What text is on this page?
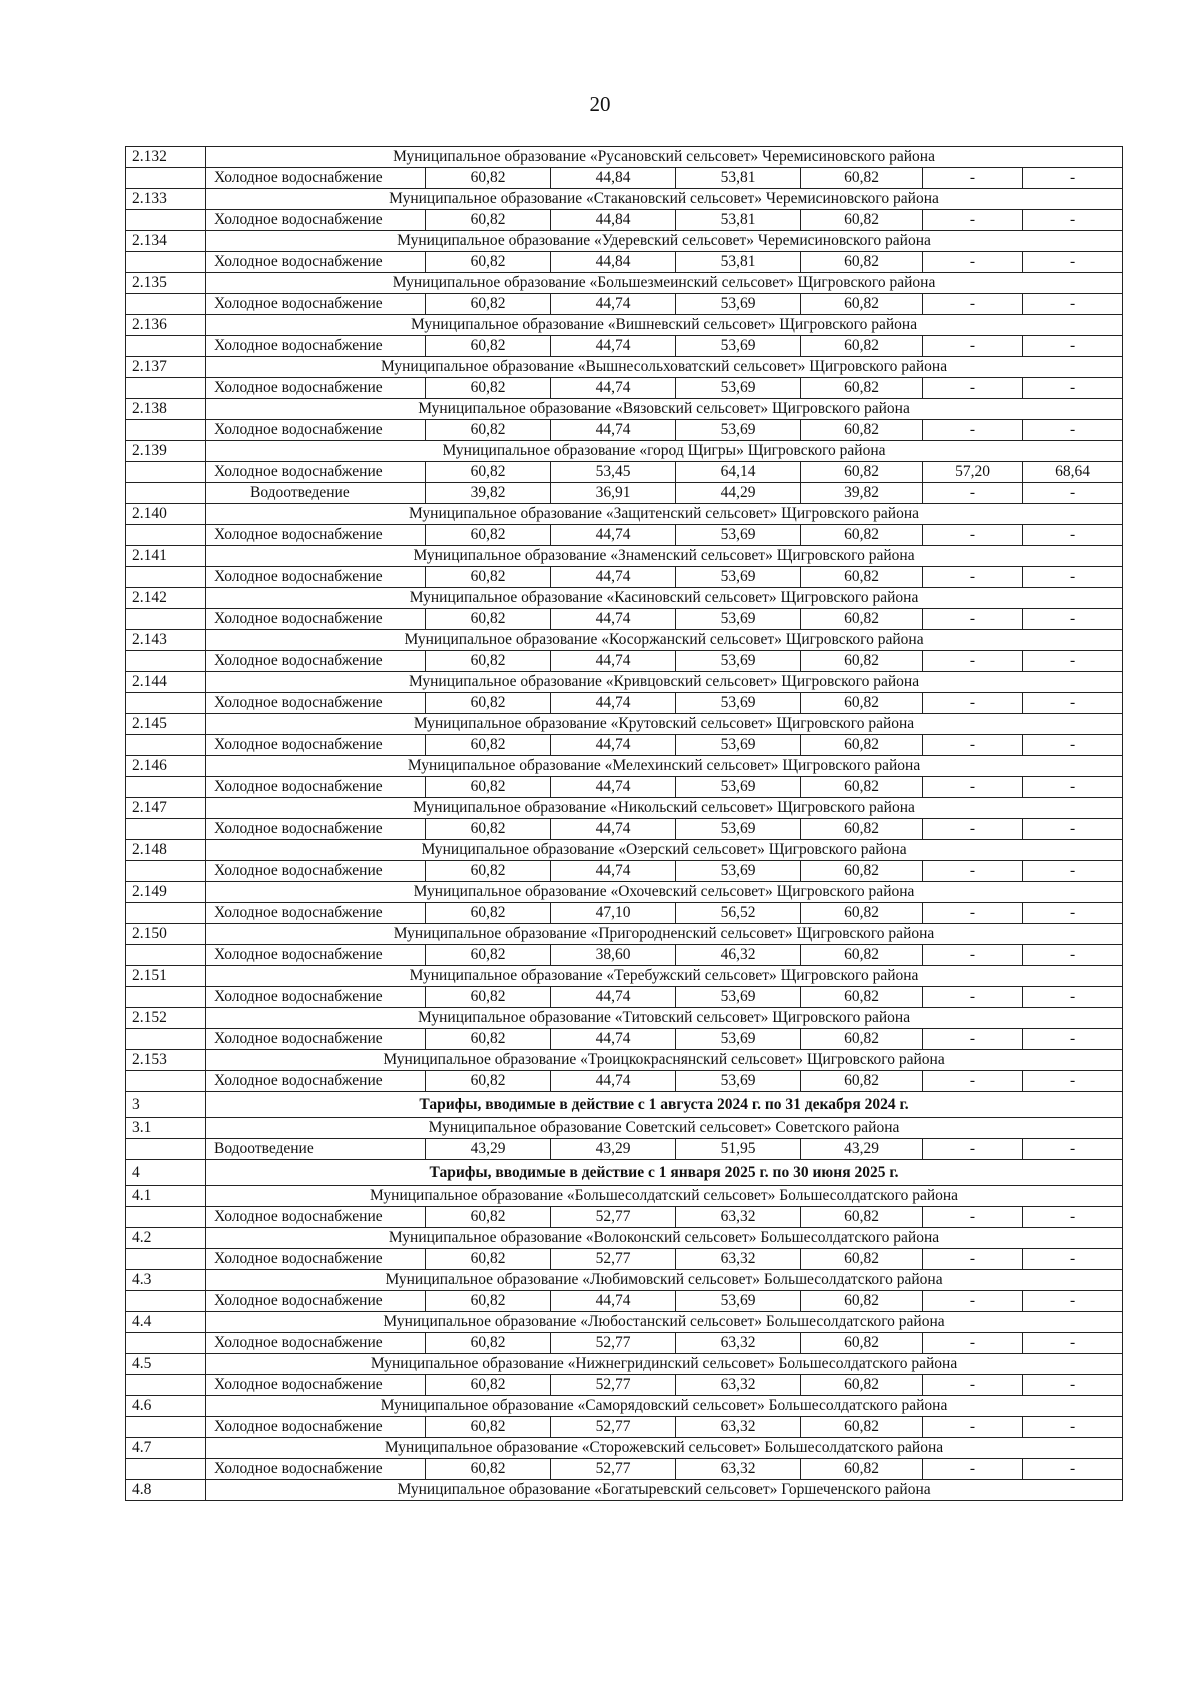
20
2.132	Муниципальное образование «Русановский сельсовет» Черемисиновского района						
	Холодное водоснабжение	60,82	44,84	53,81	60,82	-	-
2.133	Муниципальное образование «Стакановский сельсовет» Черемисиновского района						
	Холодное водоснабжение	60,82	44,84	53,81	60,82	-	-
2.134	Муниципальное образование «Удеревский сельсовет» Черемисиновского района						
	Холодное водоснабжение	60,82	44,84	53,81	60,82	-	-
2.135	Муниципальное образование «Большезмеинский сельсовет» Щигровского района						
	Холодное водоснабжение	60,82	44,74	53,69	60,82	-	-
2.136	Муниципальное образование «Вишневский сельсовет» Щигровского района						
	Холодное водоснабжение	60,82	44,74	53,69	60,82	-	-
2.137	Муниципальное образование «Вышнесольховатский сельсовет» Щигровского района						
	Холодное водоснабжение	60,82	44,74	53,69	60,82	-	-
2.138	Муниципальное образование «Вязовский сельсовет» Щигровского района						
	Холодное водоснабжение	60,82	44,74	53,69	60,82	-	-
2.139	Муниципальное образование «город Щигры» Щигровского района						
	Холодное водоснабжение	60,82	53,45	64,14	60,82	57,20	68,64
	Водоотведение	39,82	36,91	44,29	39,82	-	-
2.140	Муниципальное образование «Защитенский сельсовет» Щигровского района						
	Холодное водоснабжение	60,82	44,74	53,69	60,82	-	-
2.141	Муниципальное образование «Знаменский сельсовет» Щигровского района						
	Холодное водоснабжение	60,82	44,74	53,69	60,82	-	-
2.142	Муниципальное образование «Касиновский сельсовет» Щигровского района						
	Холодное водоснабжение	60,82	44,74	53,69	60,82	-	-
2.143	Муниципальное образование «Косоржанский сельсовет» Щигровского района						
	Холодное водоснабжение	60,82	44,74	53,69	60,82	-	-
2.144	Муниципальное образование «Кривцовский сельсовет» Щигровского района						
	Холодное водоснабжение	60,82	44,74	53,69	60,82	-	-
2.145	Муниципальное образование «Крутовский сельсовет» Щигровского района						
	Холодное водоснабжение	60,82	44,74	53,69	60,82	-	-
2.146	Муниципальное образование «Мелехинский сельсовет» Щигровского района						
	Холодное водоснабжение	60,82	44,74	53,69	60,82	-	-
2.147	Муниципальное образование «Никольский сельсовет» Щигровского района						
	Холодное водоснабжение	60,82	44,74	53,69	60,82	-	-
2.148	Муниципальное образование «Озерский сельсовет» Щигровского района						
	Холодное водоснабжение	60,82	44,74	53,69	60,82	-	-
2.149	Муниципальное образование «Охочевский сельсовет» Щигровского района						
	Холодное водоснабжение	60,82	47,10	56,52	60,82	-	-
2.150	Муниципальное образование «Пригородненский сельсовет» Щигровского района						
	Холодное водоснабжение	60,82	38,60	46,32	60,82	-	-
2.151	Муниципальное образование «Теребужский сельсовет» Щигровского района						
	Холодное водоснабжение	60,82	44,74	53,69	60,82	-	-
2.152	Муниципальное образование «Титовский сельсовет» Щигровского района						
	Холодное водоснабжение	60,82	44,74	53,69	60,82	-	-
2.153	Муниципальное образование «Троицкокраснянский сельсовет» Щигровского района						
	Холодное водоснабжение	60,82	44,74	53,69	60,82	-	-
3	Тарифы, вводимые в действие с 1 августа 2024 г. по 31 декабря 2024 г.						
3.1	Муниципальное образование Советский сельсовет» Советского района						
	Водоотведение	43,29	43,29	51,95	43,29	-	-
4	Тарифы, вводимые в действие с 1 января 2025 г. по 30 июня 2025 г.						
4.1	Муниципальное образование «Большесолдатский сельсовет» Большесолдатского района						
	Холодное водоснабжение	60,82	52,77	63,32	60,82	-	-
4.2	Муниципальное образование «Волоконский сельсовет» Большесолдатского района						
	Холодное водоснабжение	60,82	52,77	63,32	60,82	-	-
4.3	Муниципальное образование «Любимовский сельсовет» Большесолдатского района						
	Холодное водоснабжение	60,82	44,74	53,69	60,82	-	-
4.4	Муниципальное образование «Любостанский сельсовет» Большесолдатского района						
	Холодное водоснабжение	60,82	52,77	63,32	60,82	-	-
4.5	Муниципальное образование «Нижнегридинский сельсовет» Большесолдатского района						
	Холодное водоснабжение	60,82	52,77	63,32	60,82	-	-
4.6	Муниципальное образование «Саморядовский сельсовет» Большесолдатского района						
	Холодное водоснабжение	60,82	52,77	63,32	60,82	-	-
4.7	Муниципальное образование «Сторожевский сельсовет» Большесолдатского района						
	Холодное водоснабжение	60,82	52,77	63,32	60,82	-	-
4.8	Муниципальное образование «Богатыревский сельсовет» Горшеченского района						
